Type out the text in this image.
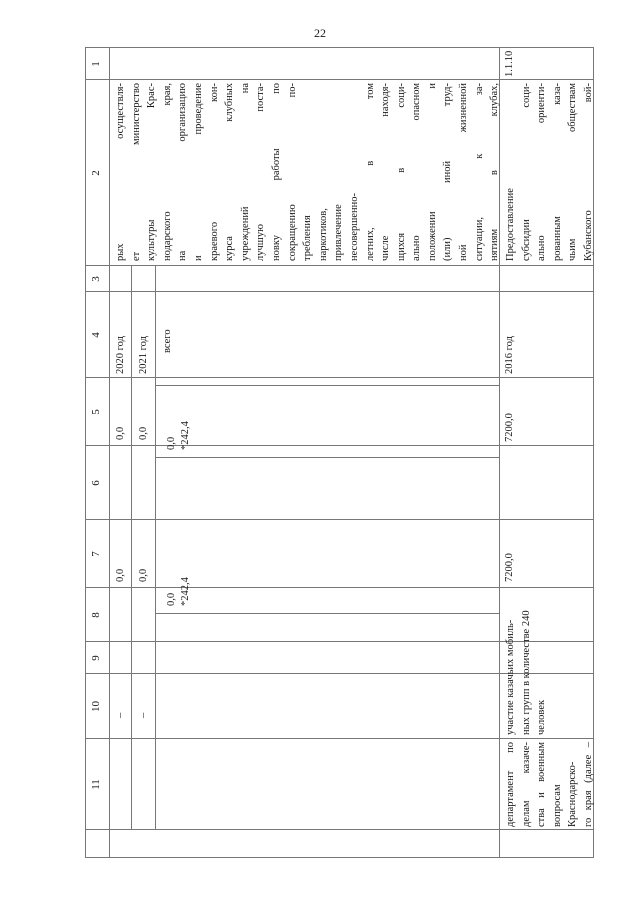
22
1
2
3
4
5
6
7
8
9
10
11
рых осуществля- ет министерство культуры Крас- нодарского края, на организацию и проведение краевого кон- курса клубных учреждений на лучшую поста- новку работы по сокращению по- требления наркотиков, привлечение несовершенно- летних, в том числе находя- щихся в соци- ально опасном положении и (или) иной труд- ной жизненной ситуации, к за- нятиям в клубах,
2020 год
0,0
0,0
–
2021 год
0,0
0,0
–
всего
0,0 *242,4
0,0 *242,4
1.1.10
Предоставление субсидии соци- ально ориенти- рованным каза- чьим обществам Кубанского вой-
2016 год
7200,0
7200,0
участие казачьих мобиль- ных групп в количестве 240 человек
департамент по делам казаче- ства и военным вопросам Краснодарско- го края (далее –
